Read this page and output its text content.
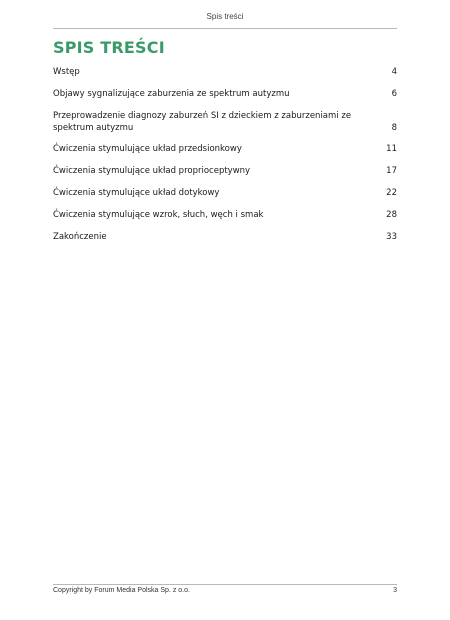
Spis treści
SPIS TREŚCI
Wstęp	4
Objawy sygnalizujące zaburzenia ze spektrum autyzmu	6
Przeprowadzenie diagnozy zaburzeń SI z dzieckiem z zaburzeniami ze spektrum autyzmu	8
Ćwiczenia stymulujące układ przedsionkowy	11
Ćwiczenia stymulujące układ proprioceptywny	17
Ćwiczenia stymulujące układ dotykowy	22
Ćwiczenia stymulujące wzrok, słuch, węch i smak	28
Zakończenie	33
Copyright by Forum Media Polska Sp. z o.o.	3
